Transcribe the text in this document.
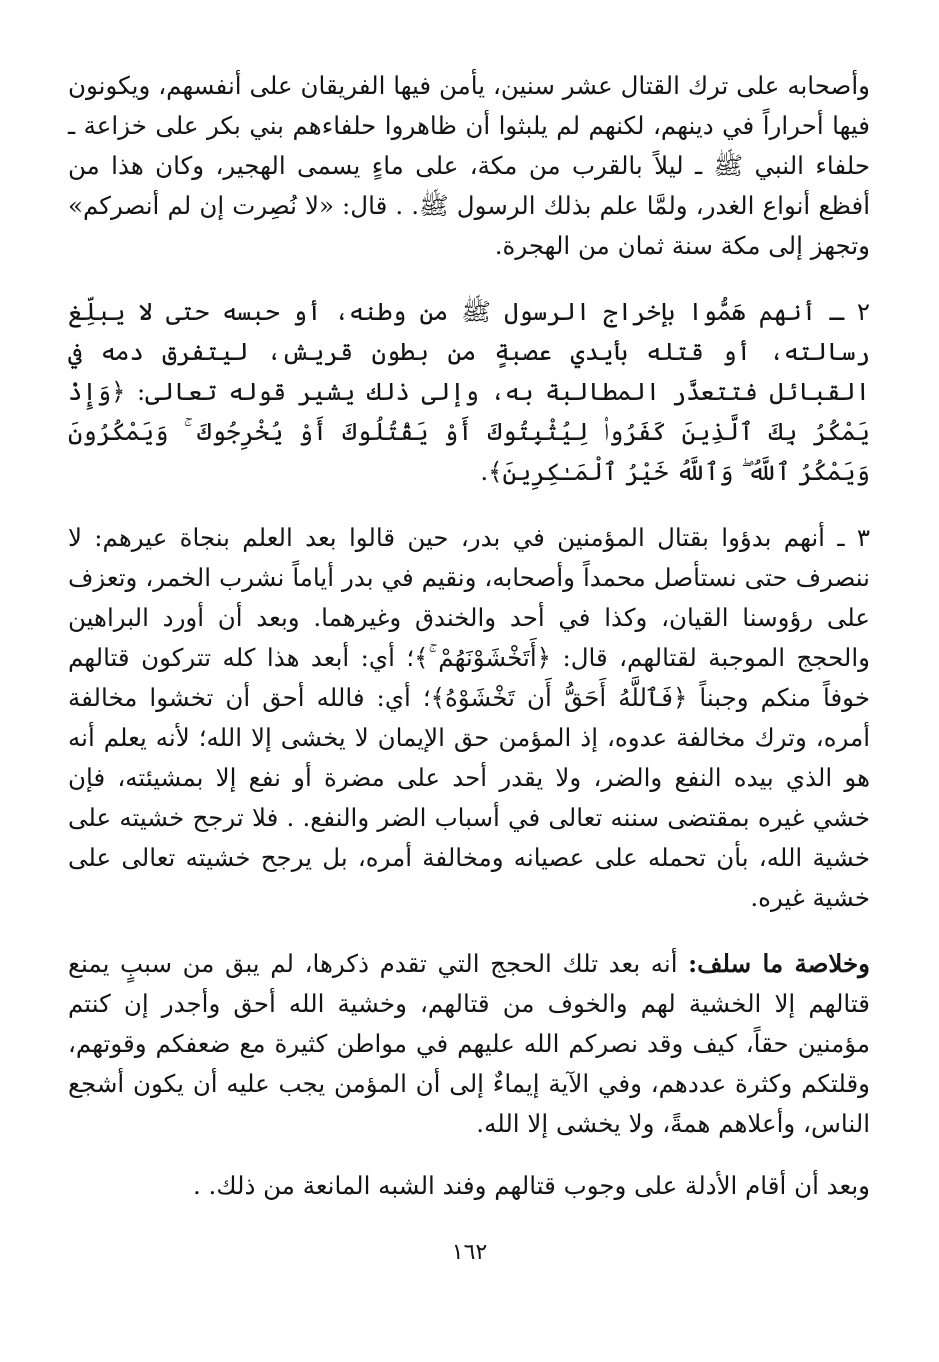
وأصحابه على ترك القتال عشر سنين، يأمن فيها الفريقان على أنفسهم، ويكونون فيها أحراراً في دينهم، لكنهم لم يلبثوا أن ظاهروا حلفاءهم بني بكر على خزاعة ـ حلفاء النبي ﷺ ـ ليلاً بالقرب من مكة، على ماءٍ يسمى الهجير، وكان هذا من أفظع أنواع الغدر، ولمَّا علم بذلك الرسول ﷺ. . قال: «لا نُصِرت إن لم أنصركم» وتجهز إلى مكة سنة ثمان من الهجرة.

٢ ـ أنهم هَمُّوا بإخراج الرسول ﷺ من وطنه، أو حبسه حتى لا يبلِّغ رسالته، أو قتله بأيدي عصبةٍ من بطون قريش، ليتفرق دمه في القبائل فتتعذَّر المطالبة به، وإلى ذلك يشير قوله تعالى: ﴿وَإِذْ يَمْكُرُ بِكَ ٱلَّذِينَ كَفَرُوا۟ لِيُثْبِتُوكَ أَوْ يَقْتُلُوكَ أَوْ يُخْرِجُوكَ ۚ وَيَمْكُرُونَ وَيَمْكُرُ ٱللَّهُ ۖ وَٱللَّهُ خَيْرُ ٱلْمَـٰكِرِينَ﴾.

٣ ـ أنهم بدؤوا بقتال المؤمنين في بدر، حين قالوا بعد العلم بنجاة عيرهم: لا ننصرف حتى نستأصل محمداً وأصحابه، ونقيم في بدر أياماً نشرب الخمر، وتعزف على رؤوسنا القيان، وكذا في أحد والخندق وغيرهما. وبعد أن أورد البراهين والحجج الموجبة لقتالهم، قال: ﴿أَتَخْشَوْنَهُمْ ۚ﴾؛ أي: أبعد هذا كله تتركون قتالهم خوفاً منكم وجبناً ﴿فَٱللَّهُ أَحَقُّ أَن تَخْشَوْهُ﴾؛ أي: فالله أحق أن تخشوا مخالفة أمره، وترك مخالفة عدوه، إذ المؤمن حق الإيمان لا يخشى إلا الله؛ لأنه يعلم أنه هو الذي بيده النفع والضر، ولا يقدر أحد على مضرة أو نفع إلا بمشيئته، فإن خشي غيره بمقتضى سننه تعالى في أسباب الضر والنفع. . فلا ترجح خشيته على خشية الله، بأن تحمله على عصيانه ومخالفة أمره، بل يرجح خشيته تعالى على خشية غيره.

وخلاصة ما سلف: أنه بعد تلك الحجج التي تقدم ذكرها، لم يبق من سببٍ يمنع قتالهم إلا الخشية لهم والخوف من قتالهم، وخشية الله أحق وأجدر إن كنتم مؤمنين حقاً، كيف وقد نصركم الله عليهم في مواطن كثيرة مع ضعفكم وقوتهم، وقلتكم وكثرة عددهم، وفي الآية إيماءٌ إلى أن المؤمن يجب عليه أن يكون أشجع الناس، وأعلاهم همةً، ولا يخشى إلا الله.

وبعد أن أقام الأدلة على وجوب قتالهم وفند الشبه المانعة من ذلك. .

١٦٢
